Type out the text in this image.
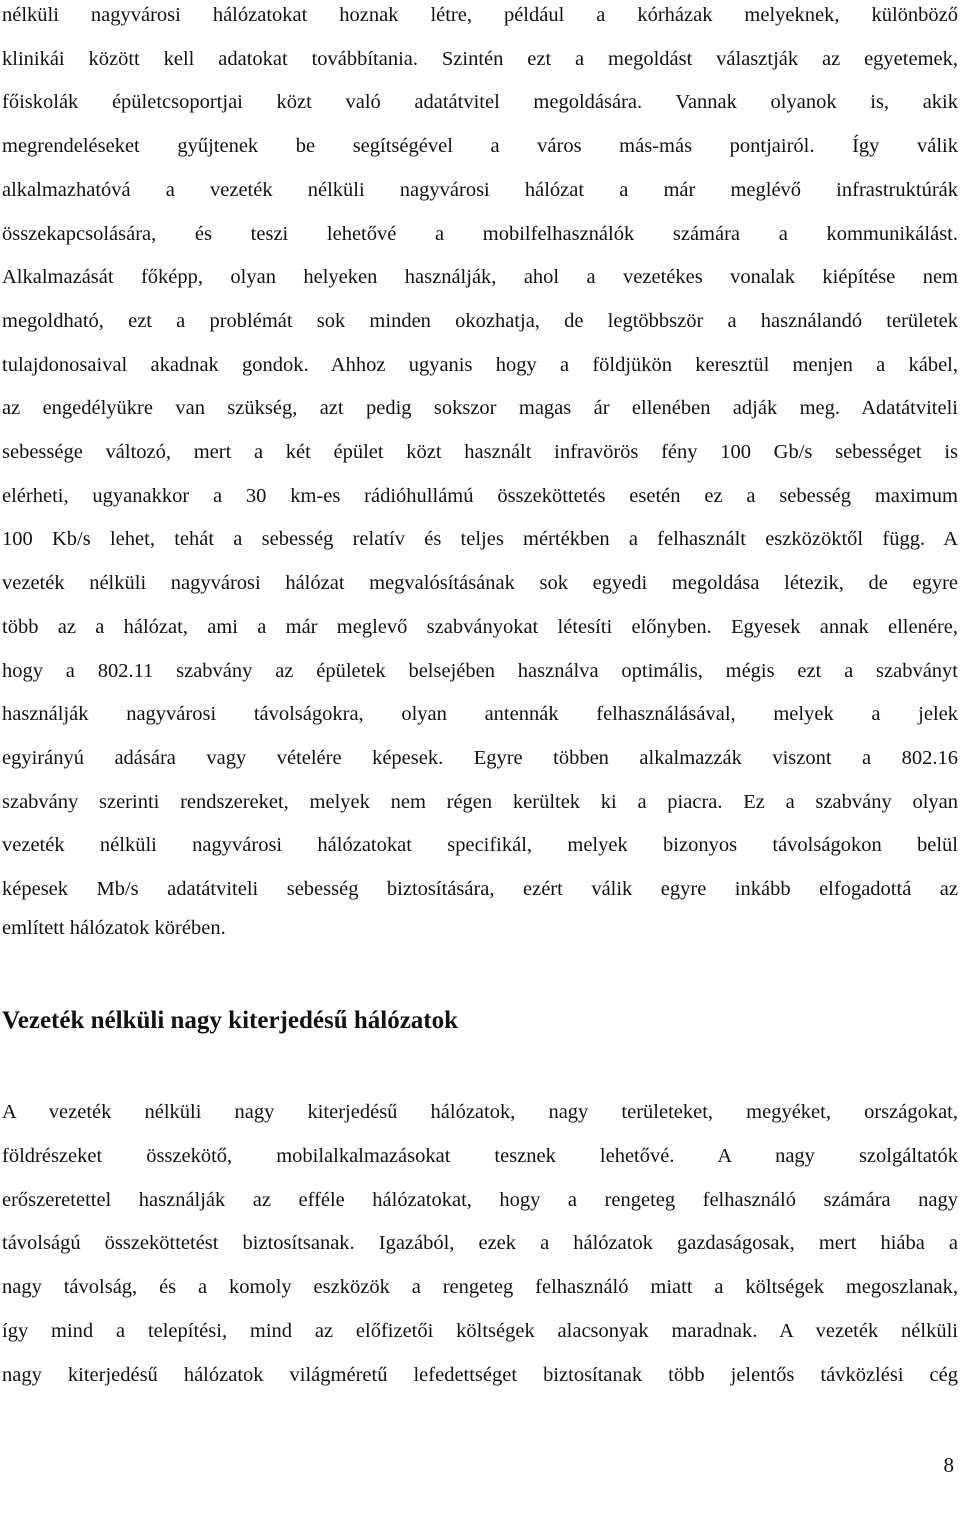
nélküli nagyvárosi hálózatokat hoznak létre, például a kórházak melyeknek, különböző
klinikái között kell adatokat továbbítania. Szintén ezt a megoldást választják az egyetemek,
főiskolák épületcsoportjai közt való adatátvitel megoldására. Vannak olyanok is, akik
megrendeléseket gyűjtenek be segítségével a város más-más pontjairól. Így válik
alkalmazhatóvá a vezeték nélküli nagyvárosi hálózat a már meglévő infrastruktúrák
összekapcsolására, és teszi lehetővé a mobilfelhasználók számára a kommunikálást.
Alkalmazását főképp, olyan helyeken használják, ahol a vezetékes vonalak kiépítése nem
megoldható, ezt a problémát sok minden okozhatja, de legtöbbször a használandó területek
tulajdonosaival akadnak gondok. Ahhoz ugyanis hogy a földjükön keresztül menjen a kábel,
az engedélyükre van szükség, azt pedig sokszor magas ár ellenében adják meg. Adatátviteli
sebessége változó, mert a két épület közt használt infravörös fény 100 Gb/s sebességet is
elérheti, ugyanakkor a 30 km-es rádióhullámú összeköttetés esetén ez a sebesség maximum
100 Kb/s lehet, tehát a sebesség relatív és teljes mértékben a felhasznált eszközöktől függ. A
vezeték nélküli nagyvárosi hálózat megvalósításának sok egyedi megoldása létezik, de egyre
több az a hálózat, ami a már meglevő szabványokat létesíti előnyben. Egyesek annak ellenére,
hogy a 802.11 szabvány az épületek belsejében használva optimális, mégis ezt a szabványt
használják nagyvárosi távolságokra, olyan antennák felhasználásával, melyek a jelek
egyirányú adására vagy vételére képesek. Egyre többen alkalmazzák viszont a 802.16
szabvány szerinti rendszereket, melyek nem régen kerültek ki a piacra. Ez a szabvány olyan
vezeték nélküli nagyvárosi hálózatokat specifikál, melyek bizonyos távolságokon belül
képesek Mb/s adatátviteli sebesség biztosítására, ezért válik egyre inkább elfogadottá az
említett hálózatok körében.
Vezeték nélküli nagy kiterjedésű hálózatok
A vezeték nélküli nagy kiterjedésű hálózatok, nagy területeket, megyéket, országokat,
földrészeket összekötő, mobilalkalmazásokat tesznek lehetővé. A nagy szolgáltatók
erőszeretettel használják az efféle hálózatokat, hogy a rengeteg felhasználó számára nagy
távolságú összeköttetést biztosítsanak. Igazából, ezek a hálózatok gazdaságosak, mert hiába a
nagy távolság, és a komoly eszközök a rengeteg felhasználó miatt a költségek megoszlanak,
így mind a telepítési, mind az előfizetői költségek alacsonyak maradnak. A vezeték nélküli
nagy kiterjedésű hálózatok világméretű lefedettséget biztosítanak több jelentős távközlési cég
8
